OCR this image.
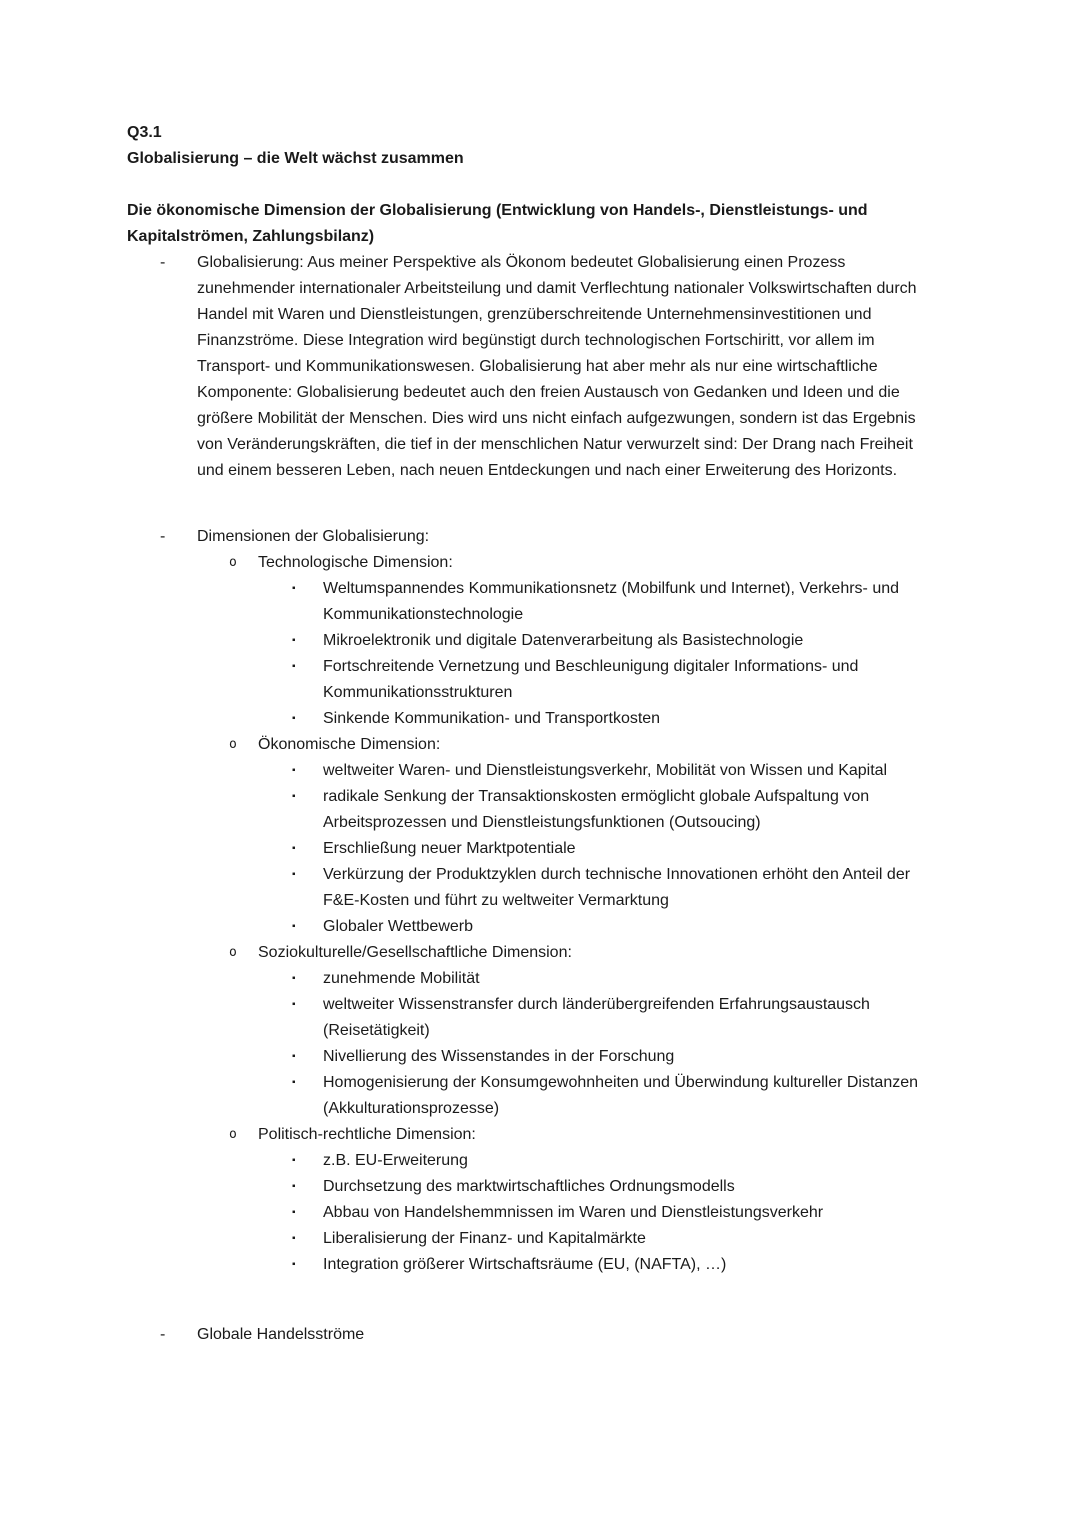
Q3.1

Globalisierung – die Welt wächst zusammen

Die ökonomische Dimension der Globalisierung (Entwicklung von Handels-, Dienstleistungs- und Kapitalströmen, Zahlungsbilanz)

- Globalisierung: Aus meiner Perspektive als Ökonom bedeutet Globalisierung einen Prozess zunehmender internationaler Arbeitsteilung und damit Verflechtung nationaler Volkswirtschaften durch Handel mit Waren und Dienstleistungen, grenzüberschreitende Unternehmensinvestitionen und Finanzströme. Diese Integration wird begünstigt durch technologischen Fortschiritt, vor allem im Transport- und Kommunikationswesen. Globalisierung hat aber mehr als nur eine wirtschaftliche Komponente: Globalisierung bedeutet auch den freien Austausch von Gedanken und Ideen und die größere Mobilität der Menschen. Dies wird uns nicht einfach aufgezwungen, sondern ist das Ergebnis von Veränderungskräften, die tief in der menschlichen Natur verwurzelt sind: Der Drang nach Freiheit und einem besseren Leben, nach neuen Entdeckungen und nach einer Erweiterung des Horizonts.
- Dimensionen der Globalisierung:
o Technologische Dimension:
▪ Weltumspannendes Kommunikationsnetz (Mobilfunk und Internet), Verkehrs- und Kommunikationstechnologie
▪ Mikroelektronik und digitale Datenverarbeitung als Basistechnologie
▪ Fortschreitende Vernetzung und Beschleunigung digitaler Informations- und Kommunikationsstrukturen
▪ Sinkende Kommunikation- und Transportkosten
o Ökonomische Dimension:
▪ weltweiter Waren- und Dienstleistungsverkehr, Mobilität von Wissen und Kapital
▪ radikale Senkung der Transaktionskosten ermöglicht globale Aufspaltung von Arbeitsprozessen und Dienstleistungsfunktionen (Outsoucing)
▪ Erschließung neuer Marktpotentiale
▪ Verkürzung der Produktzyklen durch technische Innovationen erhöht den Anteil der F&E-Kosten und führt zu weltweiter Vermarktung
▪ Globaler Wettbewerb
o Soziokulturelle/Gesellschaftliche Dimension:
▪ zunehmende Mobilität
▪ weltweiter Wissenstransfer durch länderübergreifenden Erfahrungsaustausch (Reisetätigkeit)
▪ Nivellierung des Wissenstandes in der Forschung
▪ Homogenisierung der Konsumgewohnheiten und Überwindung kultureller Distanzen (Akkulturationsprozesse)
o Politisch-rechtliche Dimension:
▪ z.B. EU-Erweiterung
▪ Durchsetzung des marktwirtschaftliches Ordnungsmodells
▪ Abbau von Handelshemmnissen im Waren und Dienstleistungsverkehr
▪ Liberalisierung der Finanz- und Kapitalmärkte
▪ Integration größerer Wirtschaftsräume (EU, (NAFTA), …)
- Globale Handelsströme
